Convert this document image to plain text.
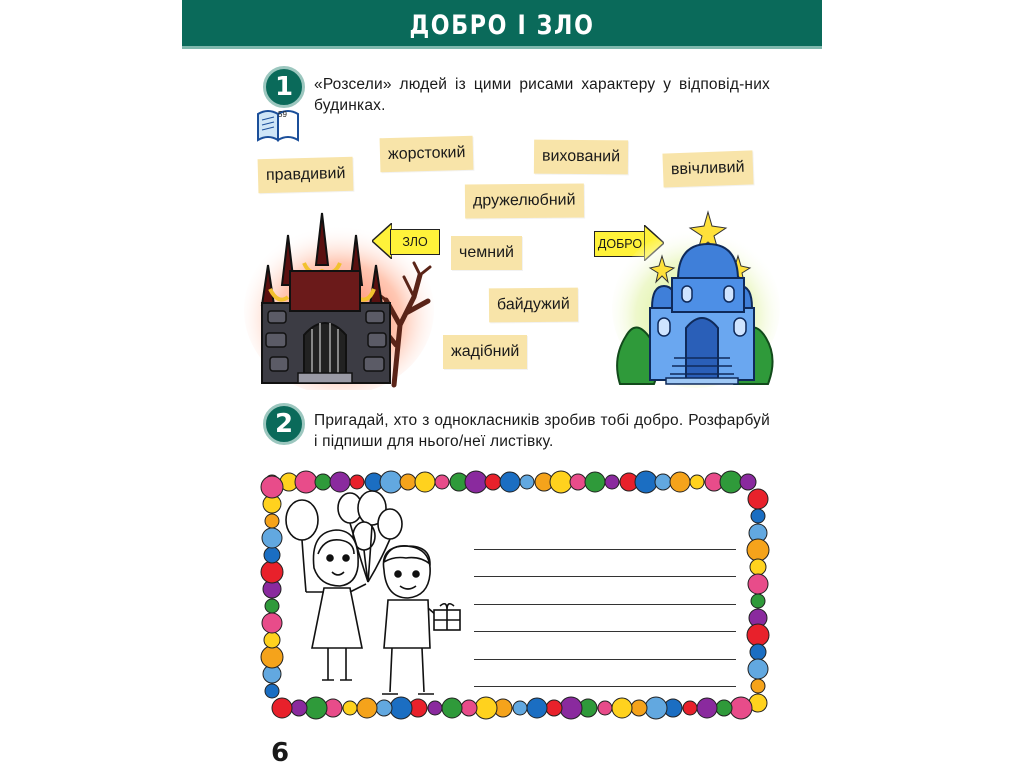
ДОБРО І ЗЛО
1
59
«Розсели» людей із цими рисами характеру у відповід-них будинках.
правдивий
жорстокий	вихований
ввічливий
дружелюбний
чемний
байдужий
жадібний
ЗЛО	ДОБРО
2	Пригадай, хто з однокласників зробив тобі добро. Розфарбуй і підпиши для нього/неї листівку.
6
